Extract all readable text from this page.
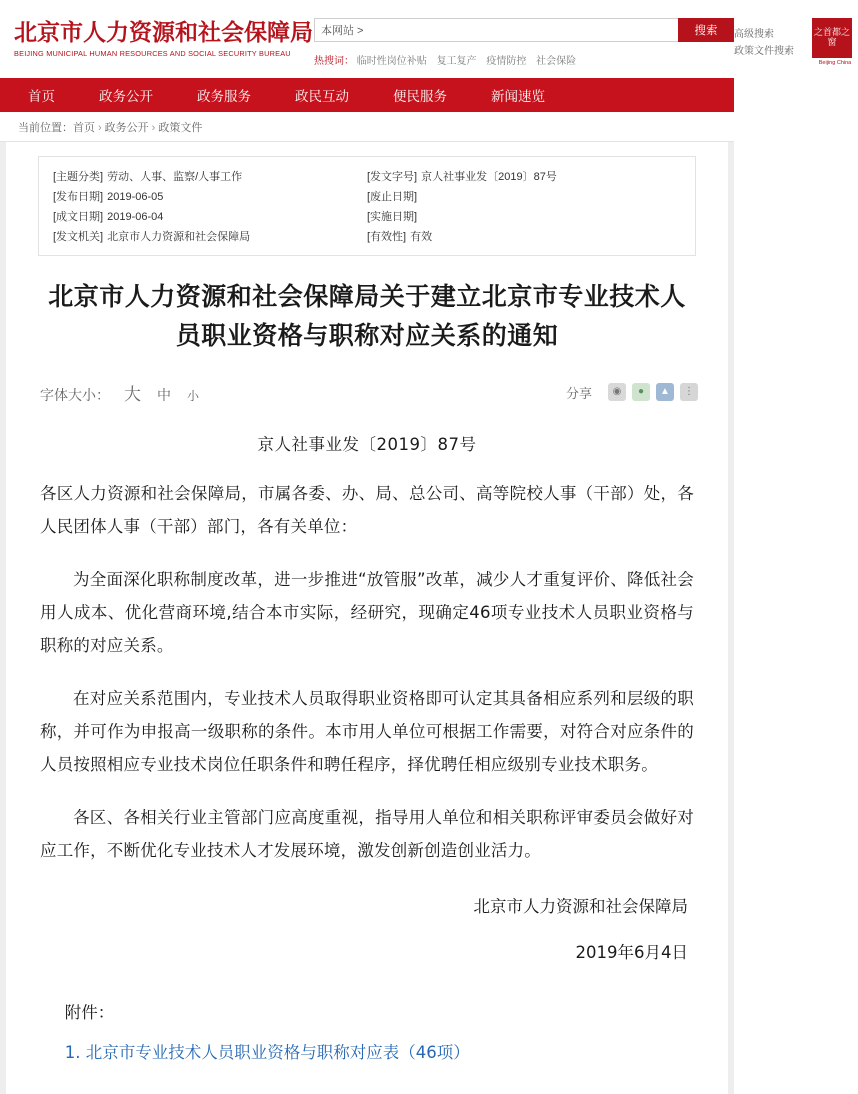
北京市人力资源和社会保障局
BEIJING MUNICIPAL HUMAN RESOURCES AND SOCIAL SECURITY BUREAU
本网站 >	搜索
热搜词： 临时性岗位补贴 复工复产 疫情防控 社会保险
高级搜索
政策文件搜索
之首都之窗
Beijing China
首页	政务公开	政务服务	政民互动	便民服务	新闻速览
当前位置：首页 › 政务公开 › 政策文件
[主题分类] 劳动、人事、监察/人事工作	[发文字号] 京人社事业发〔2019〕87号
[发布日期] 2019-06-05	[废止日期]
[成文日期] 2019-06-04	[实施日期]
[发文机关] 北京市人力资源和社会保障局	[有效性] 有效
北京市人力资源和社会保障局关于建立北京市专业技术人员职业资格与职称对应关系的通知
字体大小： 大 中 小	分享	◉	●	▲	⋮
京人社事业发〔2019〕87号

各区人力资源和社会保障局，市属各委、办、局、总公司、高等院校人事（干部）处，各人民团体人事（干部）部门，各有关单位：

为全面深化职称制度改革，进一步推进“放管服”改革，减少人才重复评价、降低社会用人成本、优化营商环境,结合本市实际，经研究，现确定46项专业技术人员职业资格与职称的对应关系。

在对应关系范围内，专业技术人员取得职业资格即可认定其具备相应系列和层级的职称，并可作为申报高一级职称的条件。本市用人单位可根据工作需要，对符合对应条件的人员按照相应专业技术岗位任职条件和聘任程序，择优聘任相应级别专业技术职务。

各区、各相关行业主管部门应高度重视，指导用人单位和相关职称评审委员会做好对应工作，不断优化专业技术人才发展环境，激发创新创造创业活力。

北京市人力资源和社会保障局
2019年6月4日
附件：
1. 北京市专业技术人员职业资格与职称对应表（46项）
